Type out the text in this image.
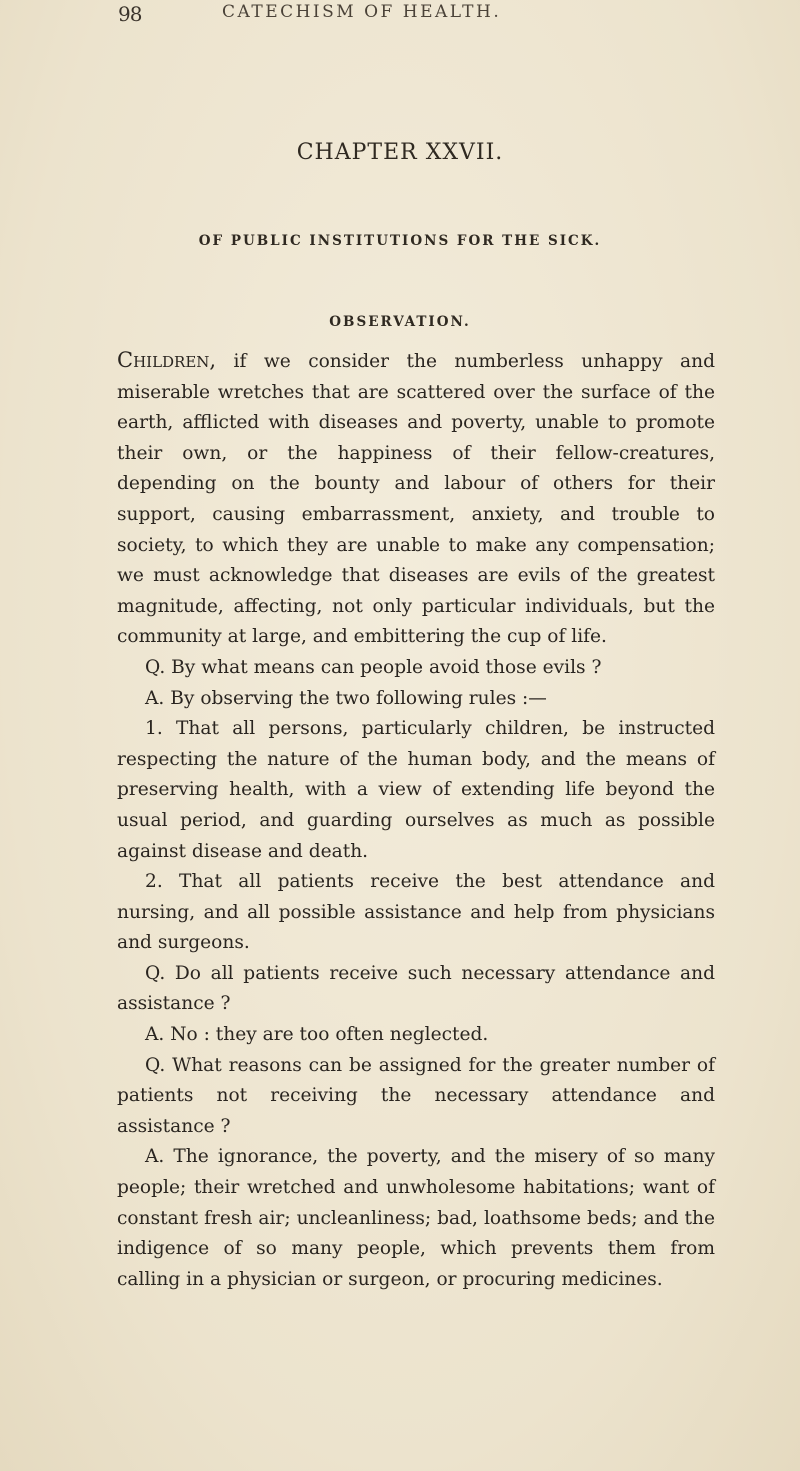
98	CATECHISM OF HEALTH.
CHAPTER XXVII.
OF PUBLIC INSTITUTIONS FOR THE SICK.
OBSERVATION.

Children, if we consider the numberless unhappy and miserable wretches that are scattered over the surface of the earth, afflicted with diseases and poverty, unable to promote their own, or the happiness of their fellow-creatures, depending on the bounty and labour of others for their support, causing embarrassment, anxiety, and trouble to society, to which they are unable to make any compensation; we must acknowledge that diseases are evils of the greatest magnitude, affecting, not only particular individuals, but the community at large, and embittering the cup of life.

Q. By what means can people avoid those evils ?

A. By observing the two following rules :—

1. That all persons, particularly children, be instructed respecting the nature of the human body, and the means of preserving health, with a view of extending life beyond the usual period, and guarding ourselves as much as possible against disease and death.

2. That all patients receive the best attendance and nursing, and all possible assistance and help from physicians and surgeons.

Q. Do all patients receive such necessary attendance and assistance ?

A. No : they are too often neglected.

Q. What reasons can be assigned for the greater number of patients not receiving the necessary attendance and assistance ?

A. The ignorance, the poverty, and the misery of so many people; their wretched and unwholesome habitations; want of constant fresh air; uncleanliness; bad, loathsome beds; and the indigence of so many people, which prevents them from calling in a physician or surgeon, or procuring medicines.
